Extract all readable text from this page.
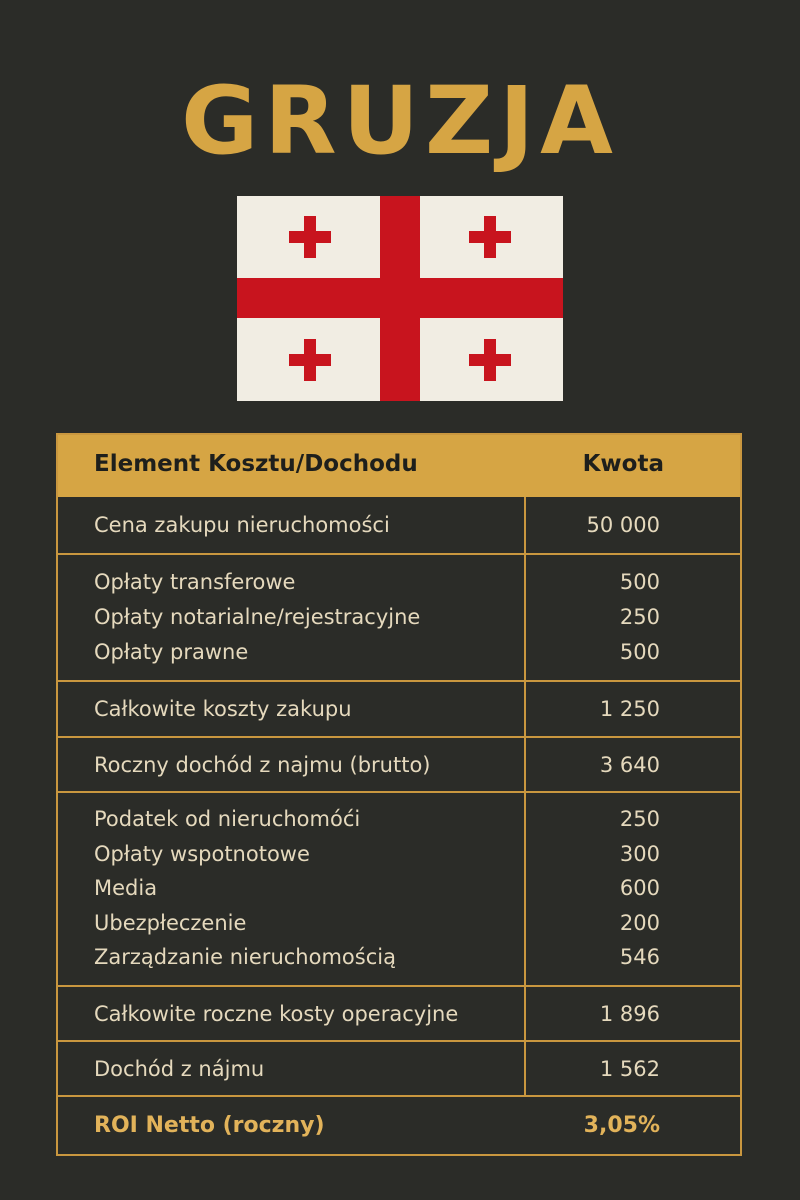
GRUZJA
Element Kosztu/Dochodu	Kwota
Cena zakupu nieruchomości	50 000
Opłaty transferowe	500
Opłaty notarialne/rejestracyjne	250
Opłaty prawne	500
Całkowite koszty zakupu	1 250
Roczny dochód z najmu (brutto)	3 640
Podatek od nieruchomóći	250
Opłaty wspotnotowe	300
Media	600
Ubezpłeczenie	200
Zarządzanie nieruchomością	546
Całkowite roczne kosty operacyjne	1 896
Dochód z nájmu	1 562
ROI Netto (roczny)	3,05%
